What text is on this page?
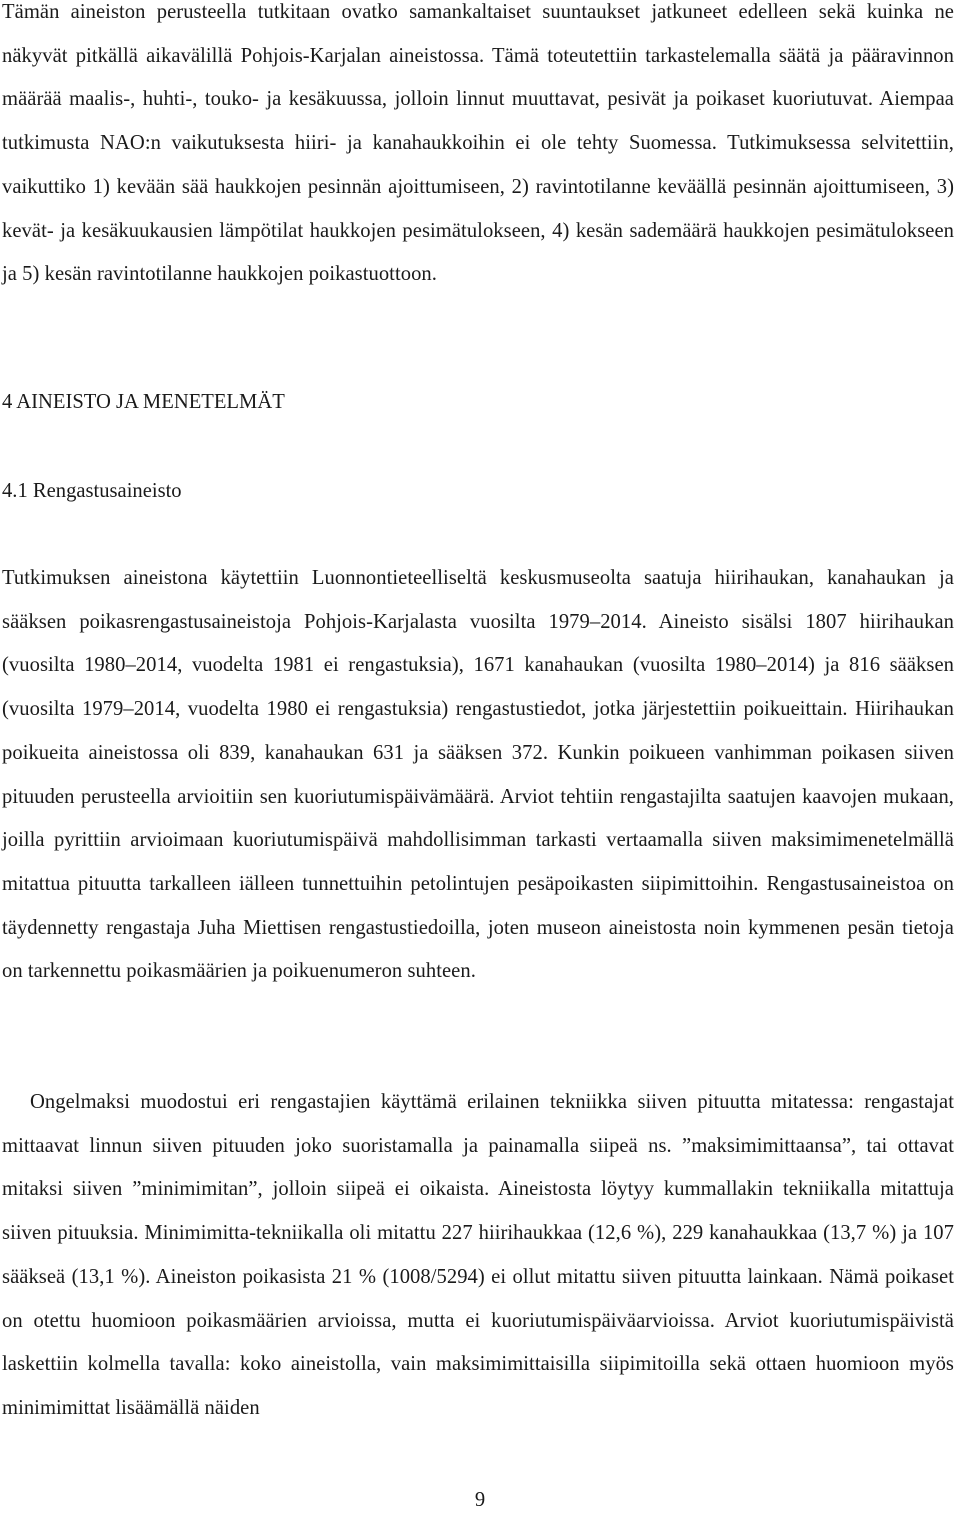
Tämän aineiston perusteella tutkitaan ovatko samankaltaiset suuntaukset jatkuneet edelleen sekä kuinka ne näkyvät pitkällä aikavälillä Pohjois-Karjalan aineistossa. Tämä toteutettiin tarkastelemalla säätä ja pääravinnon määrää maalis-, huhti-, touko- ja kesäkuussa, jolloin linnut muuttavat, pesivät ja poikaset kuoriutuvat. Aiempaa tutkimusta NAO:n vaikutuksesta hiiri- ja kanahaukkoihin ei ole tehty Suomessa. Tutkimuksessa selvitettiin, vaikuttiko 1) kevään sää haukkojen pesinnän ajoittumiseen, 2) ravintotilanne keväällä pesinnän ajoittumiseen, 3) kevät- ja kesäkuukausien lämpötilat haukkojen pesimätulokseen, 4) kesän sademäärä haukkojen pesimätulokseen ja 5) kesän ravintotilanne haukkojen poikastuottoon.

4 AINEISTO JA MENETELMÄT
4.1 Rengastusaineisto

Tutkimuksen aineistona käytettiin Luonnontieteelliseltä keskusmuseolta saatuja hiirihaukan, kanahaukan ja sääksen poikasrengastusaineistoja Pohjois-Karjalasta vuosilta 1979–2014. Aineisto sisälsi 1807 hiirihaukan (vuosilta 1980–2014, vuodelta 1981 ei rengastuksia), 1671 kanahaukan (vuosilta 1980–2014) ja 816 sääksen (vuosilta 1979–2014, vuodelta 1980 ei rengastuksia) rengastustiedot, jotka järjestettiin poikueittain. Hiirihaukan poikueita aineistossa oli 839, kanahaukan 631 ja sääksen 372. Kunkin poikueen vanhimman poikasen siiven pituuden perusteella arvioitiin sen kuoriutumispäivämäärä. Arviot tehtiin rengastajilta saatujen kaavojen mukaan, joilla pyrittiin arvioimaan kuoriutumispäivä mahdollisimman tarkasti vertaamalla siiven maksimimenetelmällä mitattua pituutta tarkalleen iälleen tunnettuihin petolintujen pesäpoikasten siipimittoihin. Rengastusaineistoa on täydennetty rengastaja Juha Miettisen rengastustiedoilla, joten museon aineistosta noin kymmenen pesän tietoja on tarkennettu poikasmäärien ja poikuenumeron suhteen.

Ongelmaksi muodostui eri rengastajien käyttämä erilainen tekniikka siiven pituutta mitatessa: rengastajat mittaavat linnun siiven pituuden joko suoristamalla ja painamalla siipeä ns. ”maksimimittaansa”, tai ottavat mitaksi siiven ”minimimitan”, jolloin siipeä ei oikaista. Aineistosta löytyy kummallakin tekniikalla mitattuja siiven pituuksia. Minimimitta-tekniikalla oli mitattu 227 hiirihaukkaa (12,6 %), 229 kanahaukkaa (13,7 %) ja 107 sääkseä (13,1 %). Aineiston poikasista 21 % (1008/5294) ei ollut mitattu siiven pituutta lainkaan. Nämä poikaset on otettu huomioon poikasmäärien arvioissa, mutta ei kuoriutumispäiväarvioissa. Arviot kuoriutumispäivistä laskettiin kolmella tavalla: koko aineistolla, vain maksimimittaisilla siipimitoilla sekä ottaen huomioon myös minimimittat lisäämällä näiden

9
